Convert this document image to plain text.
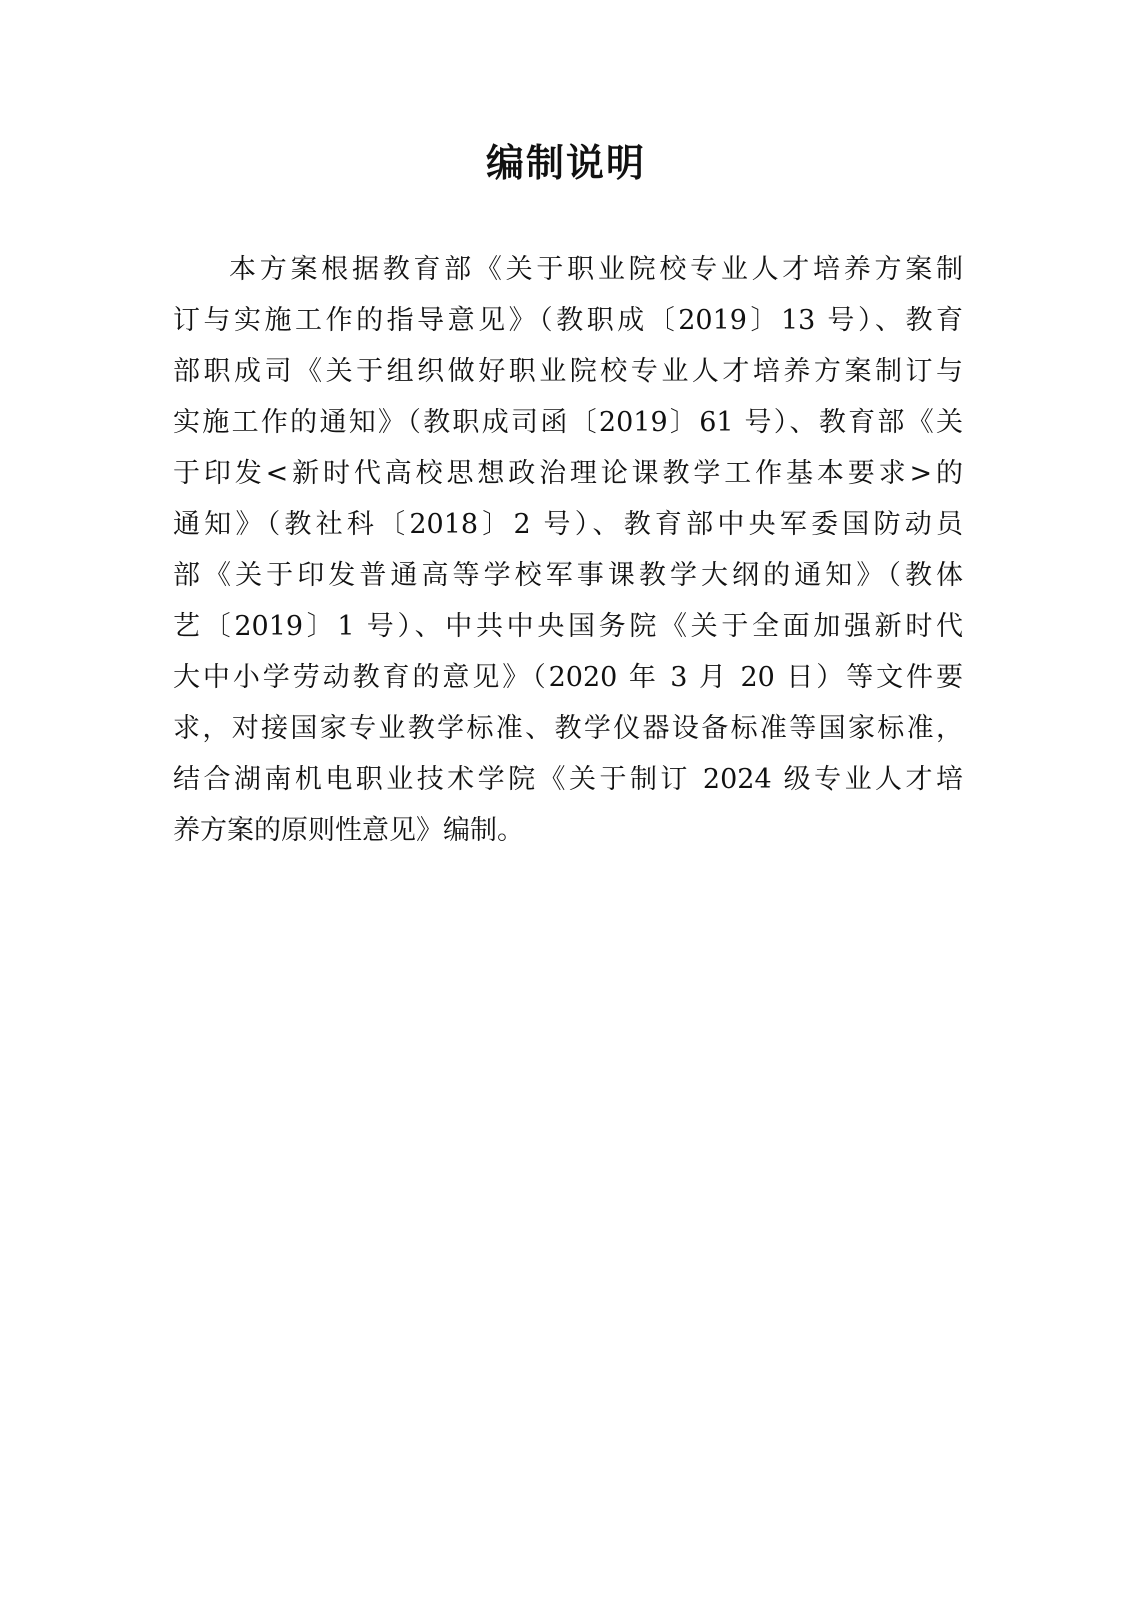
编制说明
本方案根据教育部《关于职业院校专业人才培养方案制
订与实施工作的指导意见》（教职成〔2019〕13 号）、教育
部职成司《关于组织做好职业院校专业人才培养方案制订与
实施工作的通知》（教职成司函〔2019〕61 号）、教育部《关
于印发<新时代高校思想政治理论课教学工作基本要求>的
通知》（教社科〔2018〕2 号）、教育部中央军委国防动员
部《关于印发普通高等学校军事课教学大纲的通知》（教体
艺〔2019〕1 号）、中共中央国务院《关于全面加强新时代
大中小学劳动教育的意见》（2020 年 3 月 20 日）等文件要
求，对接国家专业教学标准、教学仪器设备标准等国家标准，
结合湖南机电职业技术学院《关于制订 2024 级专业人才培
养方案的原则性意见》编制。
